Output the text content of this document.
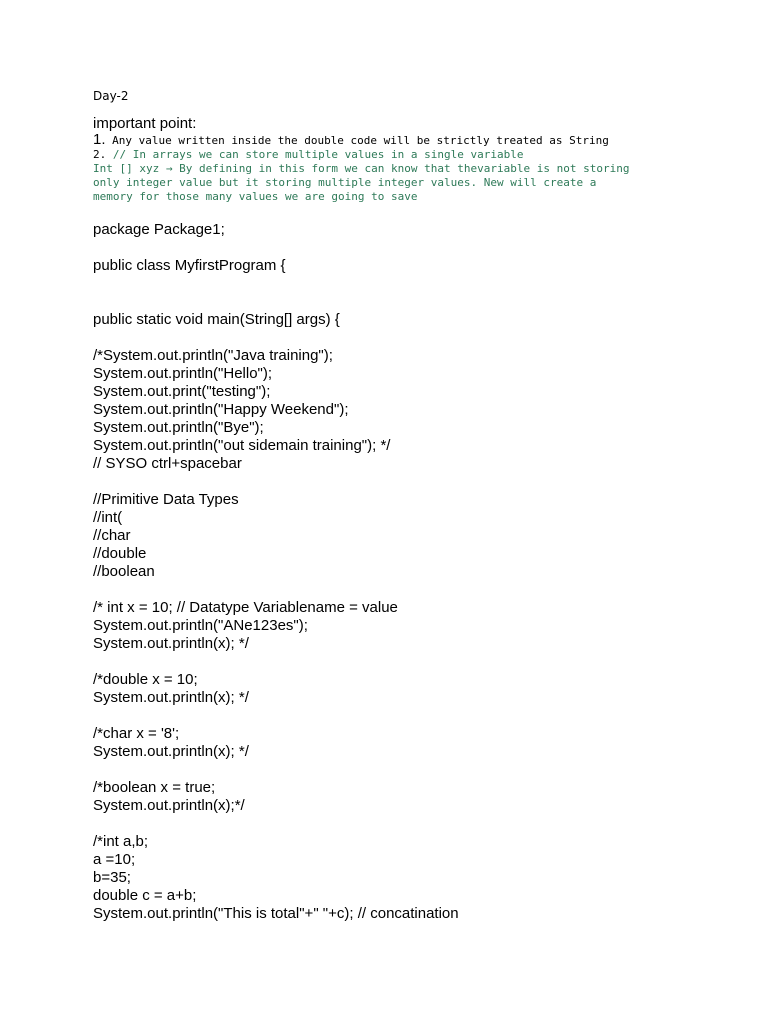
Day-2
important point:
1. Any value written inside the double code will be strictly treated as String
2. // In arrays we can store multiple values in a single variable
Int [] xyz → By defining in this form we can know that thevariable is not storing
only integer value but it storing multiple integer values. New will create a
memory for those many values we are going to save
package Package1;
public class MyfirstProgram {
public static void main(String[] args) {
/*System.out.println("Java training");
System.out.println("Hello");
System.out.print("testing");
System.out.println("Happy Weekend");
System.out.println("Bye");
System.out.println("out sidemain training"); */
// SYSO ctrl+spacebar
//Primitive Data Types
//int(
//char
//double
//boolean
/* int x = 10; // Datatype Variablename = value
System.out.println("ANe123es");
System.out.println(x); */
/*double x = 10;
System.out.println(x); */
/*char x = '8';
System.out.println(x); */
/*boolean x = true;
System.out.println(x);*/
/*int a,b;
a =10;
b=35;
double c = a+b;
System.out.println("This is total"+" "+c); // concatination
